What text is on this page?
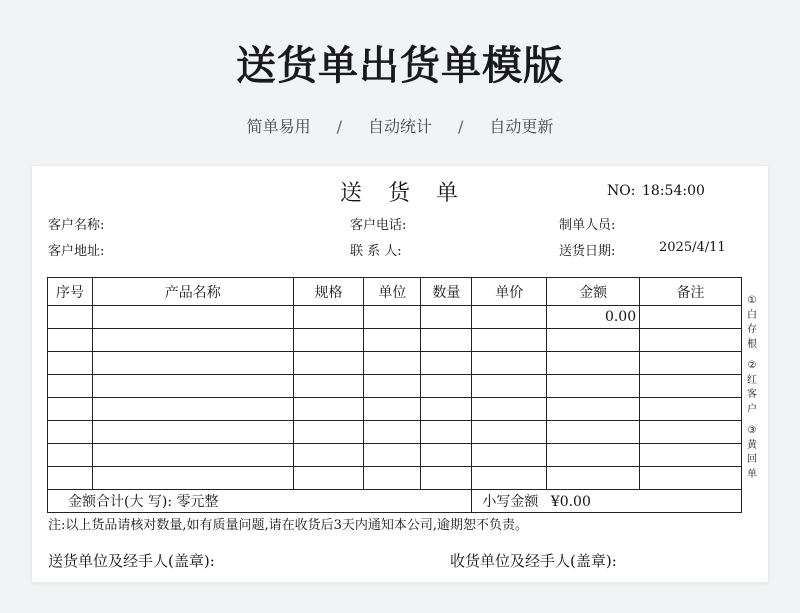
送货单出货单模版
简单易用 / 自动统计 / 自动更新
送 货 单	NO: 18:54:00
客户名称:	客户电话:	制单人员:
客户地址:	联 系 人:	送货日期:	2025/4/11
序号	产品名称	规格	单位	数量	单价	金额	备注
						0.00	

金额合计(大 写): 零元整					小写金额 ¥0.00		
①
白
存
根
②
红
客
户
③
黄
回
单
注:以上货品请核对数量,如有质量问题,请在收货后3天内通知本公司,逾期恕不负责。
送货单位及经手人(盖章):	收货单位及经手人(盖章):
